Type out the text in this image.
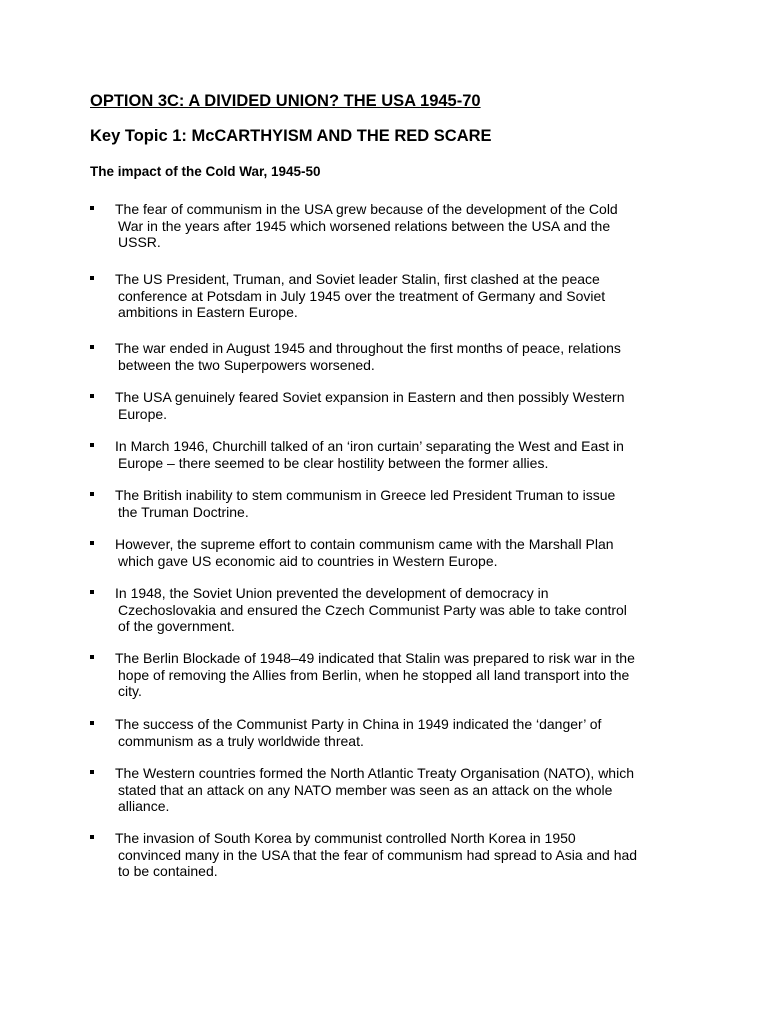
OPTION 3C: A DIVIDED UNION? THE USA 1945-70
Key Topic 1: McCARTHYISM AND THE RED SCARE
The impact of the Cold War, 1945-50
The fear of communism in the USA grew because of the development of the Cold
War in the years after 1945 which worsened relations between the USA and the
USSR.
The US President, Truman, and Soviet leader Stalin, first clashed at the peace
conference at Potsdam in July 1945 over the treatment of Germany and Soviet
ambitions in Eastern Europe.
The war ended in August 1945 and throughout the first months of peace, relations
between the two Superpowers worsened.
The USA genuinely feared Soviet expansion in Eastern and then possibly Western
Europe.
In March 1946, Churchill talked of an ‘iron curtain’ separating the West and East in
Europe – there seemed to be clear hostility between the former allies.
The British inability to stem communism in Greece led President Truman to issue
the Truman Doctrine.
However, the supreme effort to contain communism came with the Marshall Plan
which gave US economic aid to countries in Western Europe.
In 1948, the Soviet Union prevented the development of democracy in
Czechoslovakia and ensured the Czech Communist Party was able to take control
of the government.
The Berlin Blockade of 1948–49 indicated that Stalin was prepared to risk war in the
hope of removing the Allies from Berlin, when he stopped all land transport into the
city.
The success of the Communist Party in China in 1949 indicated the ‘danger’ of
communism as a truly worldwide threat.
The Western countries formed the North Atlantic Treaty Organisation (NATO), which
stated that an attack on any NATO member was seen as an attack on the whole
alliance.
The invasion of South Korea by communist controlled North Korea in 1950
convinced many in the USA that the fear of communism had spread to Asia and had
to be contained.
